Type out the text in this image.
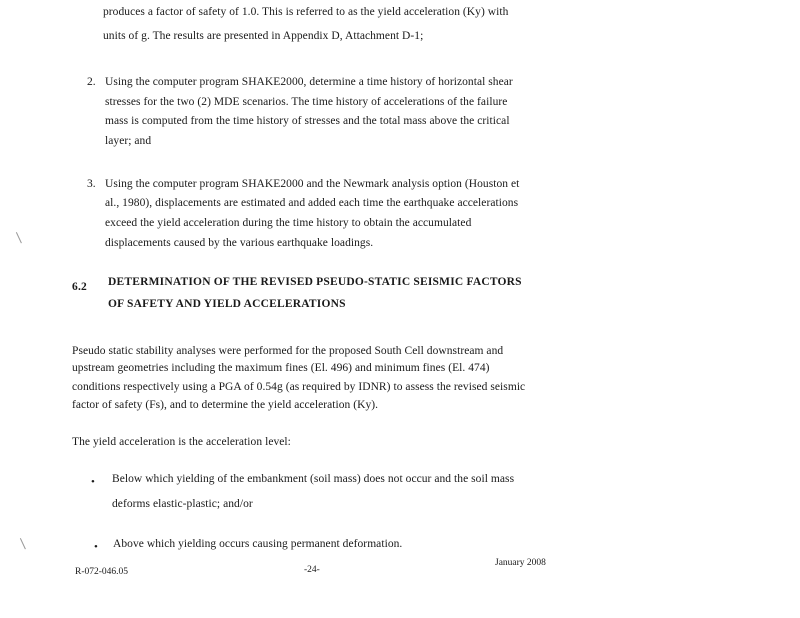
produces a factor of safety of 1.0. This is referred to as the yield acceleration (Ky) with
units of g. The results are presented in Appendix D, Attachment D-1;
2. Using the computer program SHAKE2000, determine a time history of horizontal shear
stresses for the two (2) MDE scenarios. The time history of accelerations of the failure
mass is computed from the time history of stresses and the total mass above the critical
layer; and
3. Using the computer program SHAKE2000 and the Newmark analysis option (Houston et
al., 1980), displacements are estimated and added each time the earthquake accelerations
exceed the yield acceleration during the time history to obtain the accumulated
displacements caused by the various earthquake loadings.
6.2 DETERMINATION OF THE REVISED PSEUDO-STATIC SEISMIC FACTORS
OF SAFETY AND YIELD ACCELERATIONS
Pseudo static stability analyses were performed for the proposed South Cell downstream and
upstream geometries including the maximum fines (El. 496) and minimum fines (El. 474)
conditions respectively using a PGA of 0.54g (as required by IDNR) to assess the revised seismic
factor of safety (Fs), and to determine the yield acceleration (Ky).
The yield acceleration is the acceleration level:
• Below which yielding of the embankment (soil mass) does not occur and the soil mass
deforms elastic-plastic; and/or
• Above which yielding occurs causing permanent deformation.
R-072-046.05	-24-
January 2008
